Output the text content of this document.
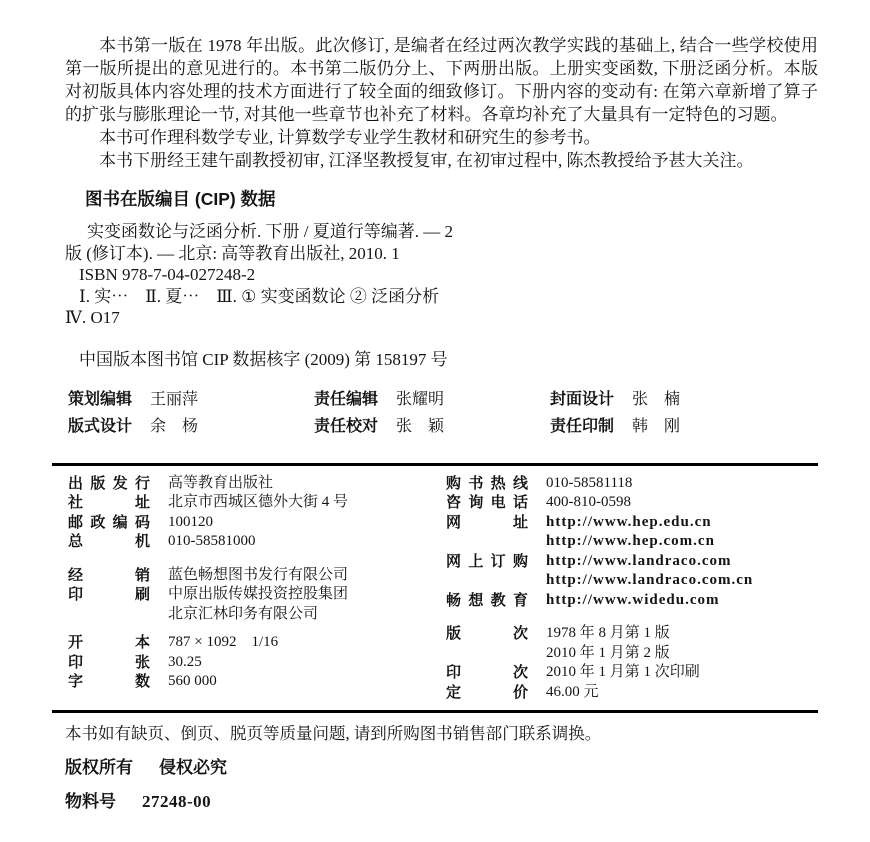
本书第一版在 1978 年出版。此次修订, 是编者在经过两次教学实践的基础上, 结合一些学校使用第一版所提出的意见进行的。本书第二版仍分上、下两册出版。上册实变函数, 下册泛函分析。本版对初版具体内容处理的技术方面进行了较全面的细致修订。下册内容的变动有: 在第六章新增了算子的扩张与膨胀理论一节, 对其他一些章节也补充了材料。各章均补充了大量具有一定特色的习题。

本书可作理科数学专业, 计算数学专业学生教材和研究生的参考书。

本书下册经王建午副教授初审, 江泽坚教授复审, 在初审过程中, 陈杰教授给予甚大关注。

图书在版编目 (CIP) 数据
实变函数论与泛函分析. 下册 / 夏道行等编著. — 2
版 (修订本). — 北京: 高等教育出版社, 2010. 1
ISBN 978-7-04-027248-2
Ⅰ. 实⋯　Ⅱ. 夏⋯　Ⅲ. ① 实变函数论 ② 泛函分析
Ⅳ. O17
中国版本图书馆 CIP 数据核字 (2009) 第 158197 号
策划编辑 王丽萍	责任编辑 张耀明	封面设计 张　楠
版式设计 余　杨	责任校对 张　颖	责任印制 韩　刚
出版发行 高等教育出版社
社址 北京市西城区德外大街 4 号
邮政编码 100120
总机 010-58581000
经销 蓝色畅想图书发行有限公司
印刷 中原出版传媒投资控股集团
北京汇林印务有限公司
开本 787 × 1092　1/16
印张 30.25
字数 560 000
购书热线 010-58581118
咨询电话 400-810-0598
网址 http://www.hep.edu.cn
http://www.hep.com.cn
网上订购 http://www.landraco.com
http://www.landraco.com.cn
畅想教育 http://www.widedu.com
版次 1978 年 8 月第 1 版
2010 年 1 月第 2 版
印次 2010 年 1 月第 1 次印刷
定价 46.00 元
本书如有缺页、倒页、脱页等质量问题, 请到所购图书销售部门联系调换。
版权所有 侵权必究
物料号 27248-00
